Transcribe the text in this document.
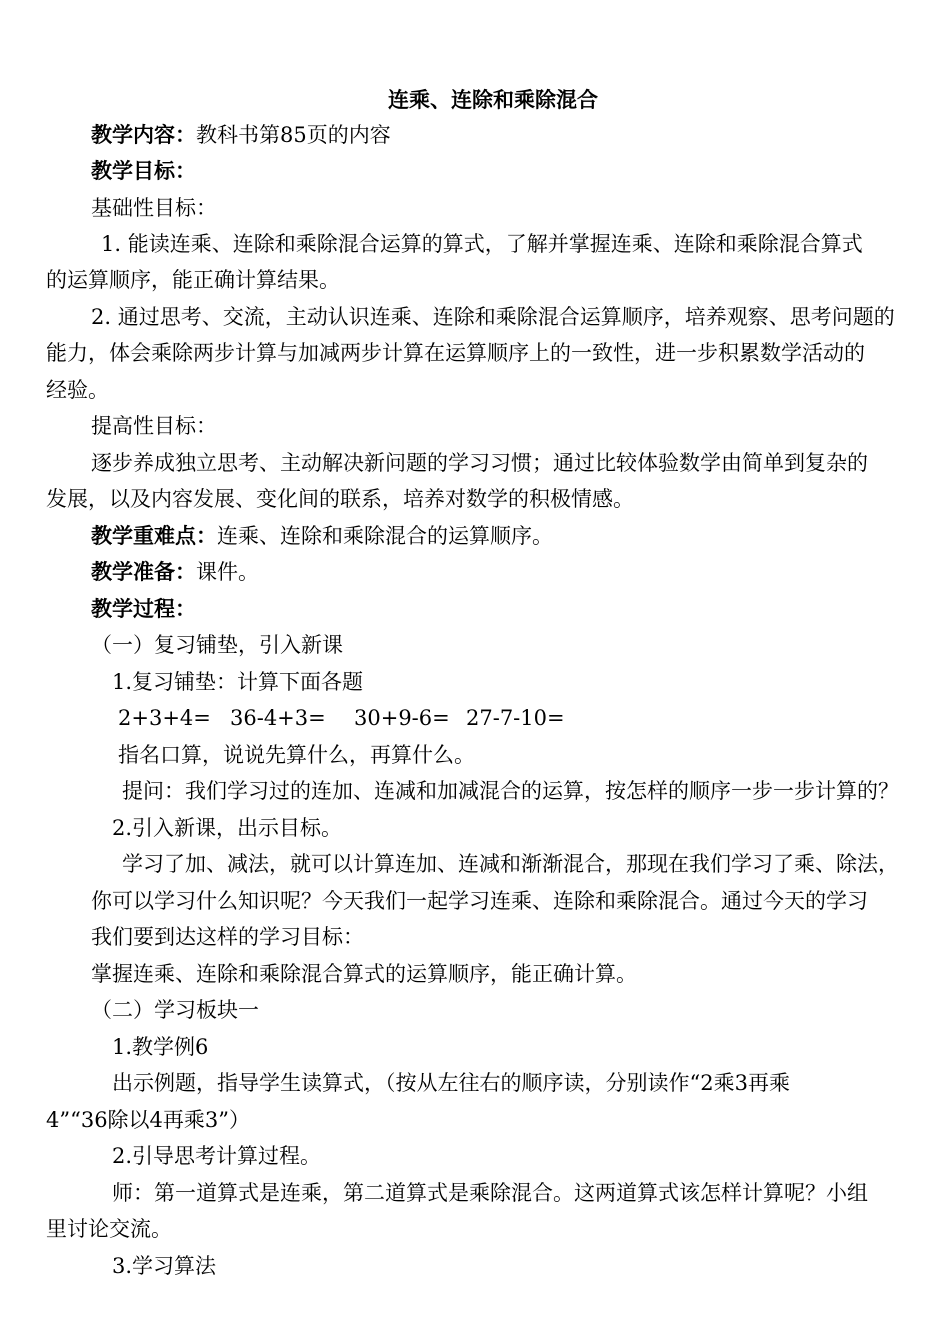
连乘、连除和乘除混合
教学内容：教科书第85页的内容
教学目标：
基础性目标：
1. 能读连乘、连除和乘除混合运算的算式，了解并掌握连乘、连除和乘除混合算式
的运算顺序，能正确计算结果。
2. 通过思考、交流，主动认识连乘、连除和乘除混合运算顺序，培养观察、思考问题的
能力，体会乘除两步计算与加减两步计算在运算顺序上的一致性，进一步积累数学活动的
经验。
提高性目标：
逐步养成独立思考、主动解决新问题的学习习惯；通过比较体验数学由简单到复杂的
发展，以及内容发展、变化间的联系，培养对数学的积极情感。
教学重难点：连乘、连除和乘除混合的运算顺序。
教学准备：课件。
教学过程：
（一）复习铺垫，引入新课
1.复习铺垫：计算下面各题
2+3+4= 36-4+3= 30+9-6= 27-7-10=
指名口算，说说先算什么，再算什么。
提问：我们学习过的连加、连减和加减混合的运算，按怎样的顺序一步一步计算的？
2.引入新课，出示目标。
学习了加、减法，就可以计算连加、连减和渐渐混合，那现在我们学习了乘、除法，
你可以学习什么知识呢？今天我们一起学习连乘、连除和乘除混合。通过今天的学习
我们要到达这样的学习目标：
掌握连乘、连除和乘除混合算式的运算顺序，能正确计算。
（二）学习板块一
1.教学例6
出示例题，指导学生读算式，（按从左往右的顺序读，分别读作“2乘3再乘
4”“36除以4再乘3”）
2.引导思考计算过程。
师：第一道算式是连乘，第二道算式是乘除混合。这两道算式该怎样计算呢？小组
里讨论交流。
3.学习算法
